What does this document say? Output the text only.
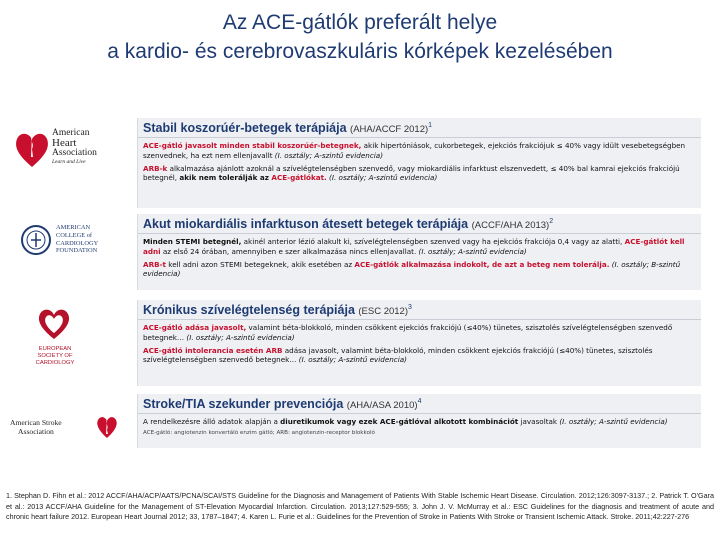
Az ACE-gátlók preferált helye
a kardio- és cerebrovaszkuláris kórképek kezelésében
American
Heart
Association
Learn and Live
AMERICAN
COLLEGE of
CARDIOLOGY
FOUNDATION
EUROPEAN
SOCIETY OF
CARDIOLOGY
American Stroke
Association
Stabil koszorúér-betegek terápiája (AHA/ACCF 2012)$^1$
ACE-gátló javasolt minden stabil koszorúér-betegnek, akik hipertóniások, cukorbetegek, ejekciós frakciójuk ≤ 40% vagy idült vesebetegségben szenvednek, ha ezt nem ellenjavallt (I. osztály; A-szintű evidencia)
ARB-k alkalmazása ajánlott azoknál a szívelégtelenségben szenvedő, vagy miokardiális infarktust elszenvedett, ≤ 40% bal kamrai ejekciós frakciójú betegnél, akik nem tolerálják az ACE-gátlókat. (I. osztály; A-szintű evidencia)
Akut miokardiális infarktuson átesett betegek terápiája (ACCF/AHA 2013)$^2$
Minden STEMI betegnél, akinél anterior lézió alakult ki, szívelégtelenségben szenved vagy ha ejekciós frakciója 0,4 vagy az alatti, ACE-gátlót kell adni az első 24 órában, amennyiben e szer alkalmazása nincs ellenjavallat. (I. osztály; A-szintű evidencia)
ARB-t kell adni azon STEMI betegeknek, akik esetében az ACE-gátlók alkalmazása indokolt, de azt a beteg nem tolerálja. (I. osztály; B-szintű evidencia)
Krónikus szívelégtelenség terápiája (ESC 2012)$^3$
ACE-gátló adása javasolt, valamint béta-blokkoló, minden csökkent ejekciós frakciójú (≤40%) tünetes, szisztolés szívelégtelenségben szenvedő betegnek… (I. osztály; A-szintű evidencia)
ACE-gátló intolerancia esetén ARB adása javasolt, valamint béta-blokkoló, minden csökkent ejekciós frakciójú (≤40%) tünetes, szisztolés szívelégtelenségben szenvedő betegnek… (I. osztály; A-szintű evidencia)
Stroke/TIA szekunder prevenciója (AHA/ASA 2010)$^4$
A rendelkezésre álló adatok alapján a diuretikumok vagy ezek ACE-gátlóval alkotott kombinációt javasoltak (I. osztály; A-szintű evidencia)
ACE-gátló: angiotenzin konvertáló enzim gátló; ARB: angiotenzin-receptor blokkoló
1. Stephan D. Fihn et al.: 2012 ACCF/AHA/ACP/AATS/PCNA/SCAI/STS Guideline for the Diagnosis and Management of Patients With Stable Ischemic Heart Disease. Circulation. 2012;126:3097-3137.; 2. Patrick T. O'Gara et al.: 2013 ACCF/AHA Guideline for the Management of ST-Elevation Myocardial Infarction. Circulation. 2013;127:529-555; 3. John J. V. McMurray et al.: ESC Guidelines for the diagnosis and treatment of acute and chronic heart failure 2012. European Heart Journal 2012; 33, 1787–1847; 4. Karen L. Furie et al.: Guidelines for the Prevention of Stroke in Patients With Stroke or Transient Ischemic Attack. Stroke. 2011;42:227-276
